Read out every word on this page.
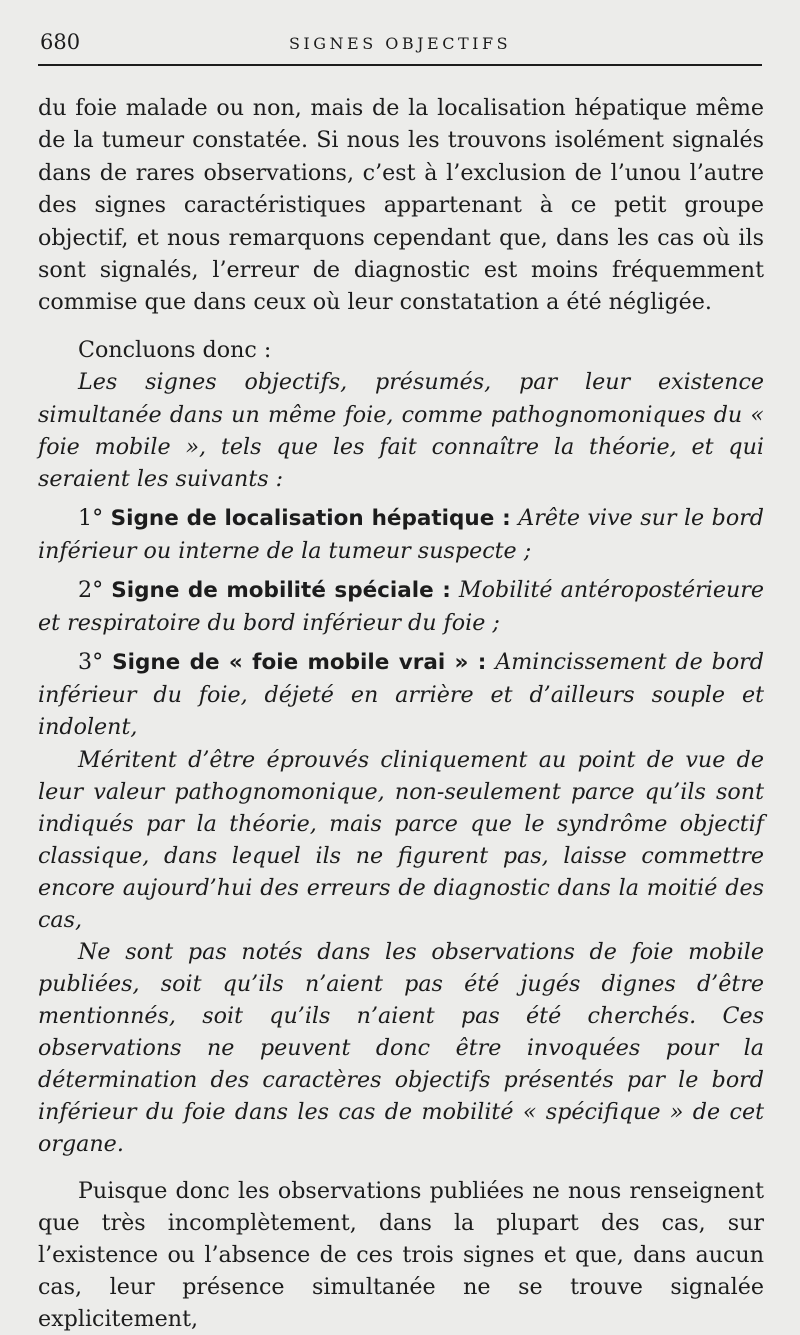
680	SIGNES OBJECTIFS

du foie malade ou non, mais de la localisation hépatique même de la tumeur constatée. Si nous les trouvons isolément signalés dans de rares observations, c’est à l’exclusion de l’unou l’autre des signes caractéristiques appartenant à ce petit groupe objectif, et nous remarquons cependant que, dans les cas où ils sont signalés, l’erreur de diagnostic est moins fréquemment commise que dans ceux où leur constatation a été négligée.

Concluons donc :

Les signes objectifs, présumés, par leur existence simultanée dans un même foie, comme pathognomoniques du « foie mobile », tels que les fait connaître la théorie, et qui seraient les suivants :

1° Signe de localisation hépatique : Arête vive sur le bord inférieur ou interne de la tumeur suspecte ;

2° Signe de mobilité spéciale : Mobilité antéropostérieure et respiratoire du bord inférieur du foie ;

3° Signe de « foie mobile vrai » : Amincissement de bord inférieur du foie, déjeté en arrière et d’ailleurs souple et indolent,

Méritent d’être éprouvés cliniquement au point de vue de leur valeur pathognomonique, non-seulement parce qu’ils sont indiqués par la théorie, mais parce que le syndrôme objectif classique, dans lequel ils ne figurent pas, laisse commettre encore aujourd’hui des erreurs de diagnostic dans la moitié des cas,

Ne sont pas notés dans les observations de foie mobile publiées, soit qu’ils n’aient pas été jugés dignes d’être mentionnés, soit qu’ils n’aient pas été cherchés. Ces observations ne peuvent donc être invoquées pour la détermination des caractères objectifs présentés par le bord inférieur du foie dans les cas de mobilité « spécifique » de cet organe.

Puisque donc les observations publiées ne nous renseignent que très incomplètement, dans la plupart des cas, sur l’existence ou l’absence de ces trois signes et que, dans aucun cas, leur présence simultanée ne se trouve signalée explicitement,
